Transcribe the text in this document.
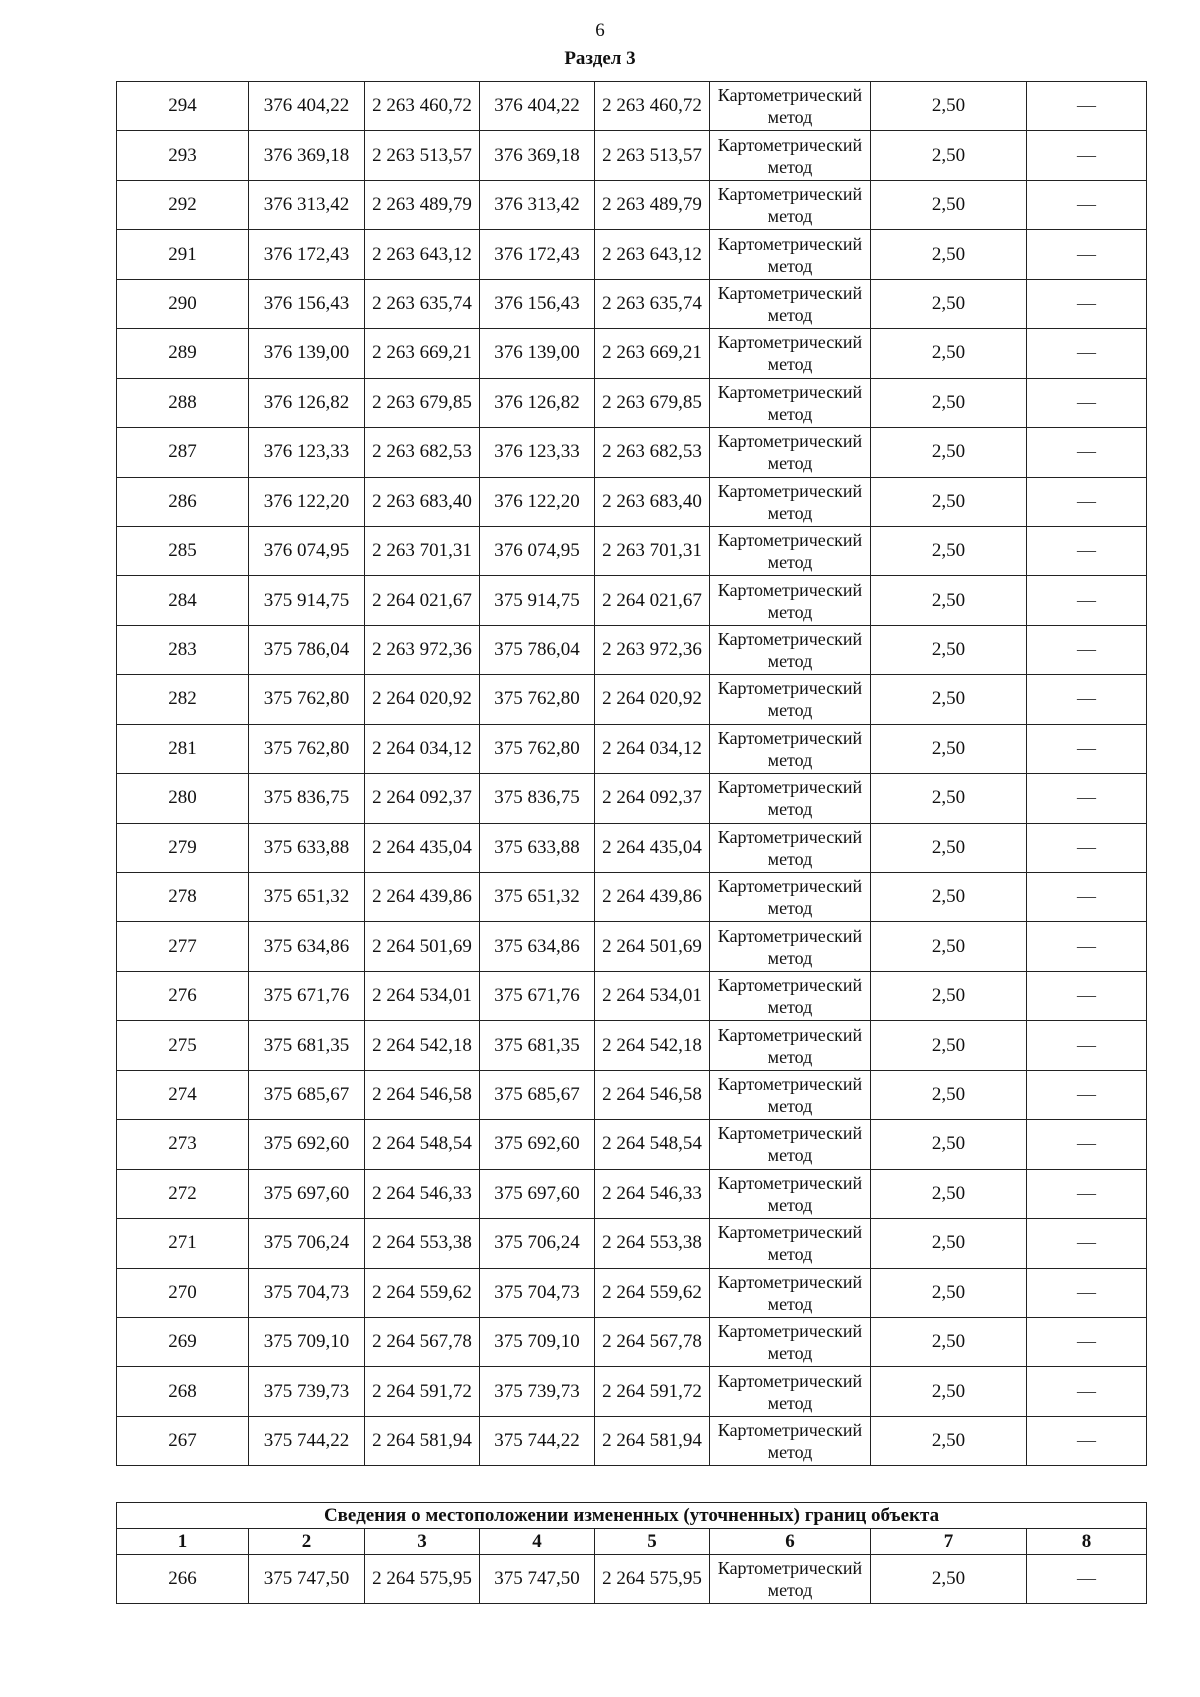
6
Раздел 3
294	376 404,22	2 263 460,72	376 404,22	2 263 460,72	Картометрический метод	2,50	—
293	376 369,18	2 263 513,57	376 369,18	2 263 513,57	Картометрический метод	2,50	—
292	376 313,42	2 263 489,79	376 313,42	2 263 489,79	Картометрический метод	2,50	—
291	376 172,43	2 263 643,12	376 172,43	2 263 643,12	Картометрический метод	2,50	—
290	376 156,43	2 263 635,74	376 156,43	2 263 635,74	Картометрический метод	2,50	—
289	376 139,00	2 263 669,21	376 139,00	2 263 669,21	Картометрический метод	2,50	—
288	376 126,82	2 263 679,85	376 126,82	2 263 679,85	Картометрический метод	2,50	—
287	376 123,33	2 263 682,53	376 123,33	2 263 682,53	Картометрический метод	2,50	—
286	376 122,20	2 263 683,40	376 122,20	2 263 683,40	Картометрический метод	2,50	—
285	376 074,95	2 263 701,31	376 074,95	2 263 701,31	Картометрический метод	2,50	—
284	375 914,75	2 264 021,67	375 914,75	2 264 021,67	Картометрический метод	2,50	—
283	375 786,04	2 263 972,36	375 786,04	2 263 972,36	Картометрический метод	2,50	—
282	375 762,80	2 264 020,92	375 762,80	2 264 020,92	Картометрический метод	2,50	—
281	375 762,80	2 264 034,12	375 762,80	2 264 034,12	Картометрический метод	2,50	—
280	375 836,75	2 264 092,37	375 836,75	2 264 092,37	Картометрический метод	2,50	—
279	375 633,88	2 264 435,04	375 633,88	2 264 435,04	Картометрический метод	2,50	—
278	375 651,32	2 264 439,86	375 651,32	2 264 439,86	Картометрический метод	2,50	—
277	375 634,86	2 264 501,69	375 634,86	2 264 501,69	Картометрический метод	2,50	—
276	375 671,76	2 264 534,01	375 671,76	2 264 534,01	Картометрический метод	2,50	—
275	375 681,35	2 264 542,18	375 681,35	2 264 542,18	Картометрический метод	2,50	—
274	375 685,67	2 264 546,58	375 685,67	2 264 546,58	Картометрический метод	2,50	—
273	375 692,60	2 264 548,54	375 692,60	2 264 548,54	Картометрический метод	2,50	—
272	375 697,60	2 264 546,33	375 697,60	2 264 546,33	Картометрический метод	2,50	—
271	375 706,24	2 264 553,38	375 706,24	2 264 553,38	Картометрический метод	2,50	—
270	375 704,73	2 264 559,62	375 704,73	2 264 559,62	Картометрический метод	2,50	—
269	375 709,10	2 264 567,78	375 709,10	2 264 567,78	Картометрический метод	2,50	—
268	375 739,73	2 264 591,72	375 739,73	2 264 591,72	Картометрический метод	2,50	—
267	375 744,22	2 264 581,94	375 744,22	2 264 581,94	Картометрический метод	2,50	—
Сведения о местоположении измененных (уточненных) границ объекта							
1	2	3	4	5	6	7	8
266	375 747,50	2 264 575,95	375 747,50	2 264 575,95	Картометрический метод	2,50	—
